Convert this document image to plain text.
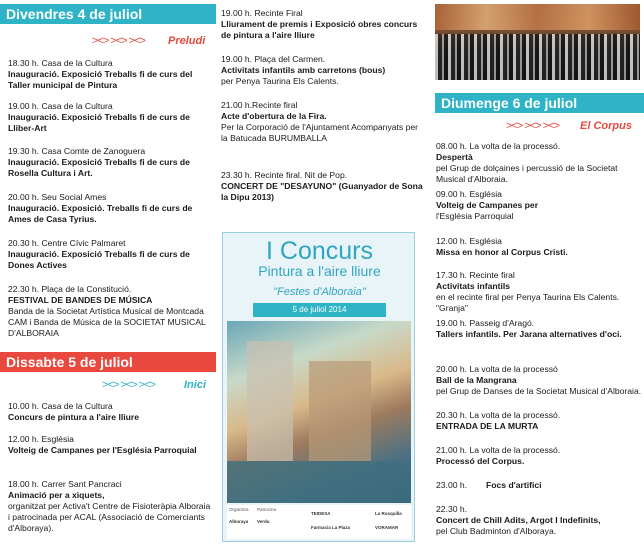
Divendres 4 de juliol
><> ><> ><> Preludi
18.30 h. Casa de la Cultura
Inauguració. Exposició Treballs fi de curs del Taller municipal de Pintura
19.00 h. Casa de la Cultura
Inauguració. Exposició Treballs fi de curs de Lliber-Art
19.30 h. Casa Comte de Zanoguera
Inauguració. Exposició Treballs fi de curs de Rosella Cultura i Art.
20.00 h. Seu Social Ames
Inauguració. Exposició. Treballs fi de curs de Ames de Casa Tyrius.
20.30 h. Centre Cívic Palmaret
Inauguració. Exposició Treballs fi de curs de Dones Actives
22.30 h. Plaça de la Constitució.
FESTIVAL DE BANDES DE MÚSICA
Banda de la Societat Artística Musical de Montcada CAM i Banda de Música de la SOCIETAT MUSICAL D'ALBORAIA
Dissabte 5 de juliol
><> ><> ><>	Inici
10.00 h. Casa de la Cultura
Concurs de pintura a l'aire lliure
12.00 h. Església
Volteig de Campanes per l'Església Parroquial
18.00 h. Carrer Sant Pancraci
Animació per a xiquets,
organitzat per Activa't Centre de Fisioteràpia Alboraia i patrocinada per ACAL (Associació de Comerciants d'Alboraya).
19.00 h. Recinte Firal
Lliurament de premis i Exposició obres concurs de pintura a l'aire lliure
19.00 h. Plaça del Carmen.
Activitats infantils amb carretons (bous)
per Penya Taurina Els Calents.
21.00 h.Recinte firal
Acte d'obertura de la Fira.
Per la Corporació de l'Ajuntament Acompanyats per la Batucada BURUMBALLA
23.30 h. Recinte firal. Nit de Pop.
CONCERT DE "DESAYUNO" (Guanyador de Sona la Dipu 2013)
I Concurs
Pintura a l'aire lliure
"Festes d'Alboraia"
5 de juliol 2014
Organitza Patrocina
Alboraya Verdu
TEIDESA
Farmacia La Plaza	VORAMAR
La Rosquilla
Diumenge 6 de juliol
><> ><> ><> El Corpus
08.00 h. La volta de la processó.
Despertà
pel Grup de dolçaines i percussió de la Societat Musical d'Alboraia.
09.00 h. Església
Volteig de Campanes per
l'Església Parroquial
12.00 h. Església
Missa en honor al Corpus Cristi.
17.30 h. Recinte firal
Activitats infantils
en el recinte firal per Penya Taurina Els Calents. "Granja"
19.00 h. Passeig d'Aragó.
Tallers infantils. Per Jarana alternatives d'oci.
20.00 h. La volta de la processó
Ball de la Mangrana
pel Grup de Danses de la Societat Musical d'Alboraia.
20.30 h. La volta de la processó.
ENTRADA DE LA MURTA
21.00 h. La volta de la processó.
Processó del Corpus.
23.00 h.	Focs d'artifici
22.30 h.
Concert de Chill Adits, Argot I Indefinits,
pel Club Badminton d'Alboraya.
